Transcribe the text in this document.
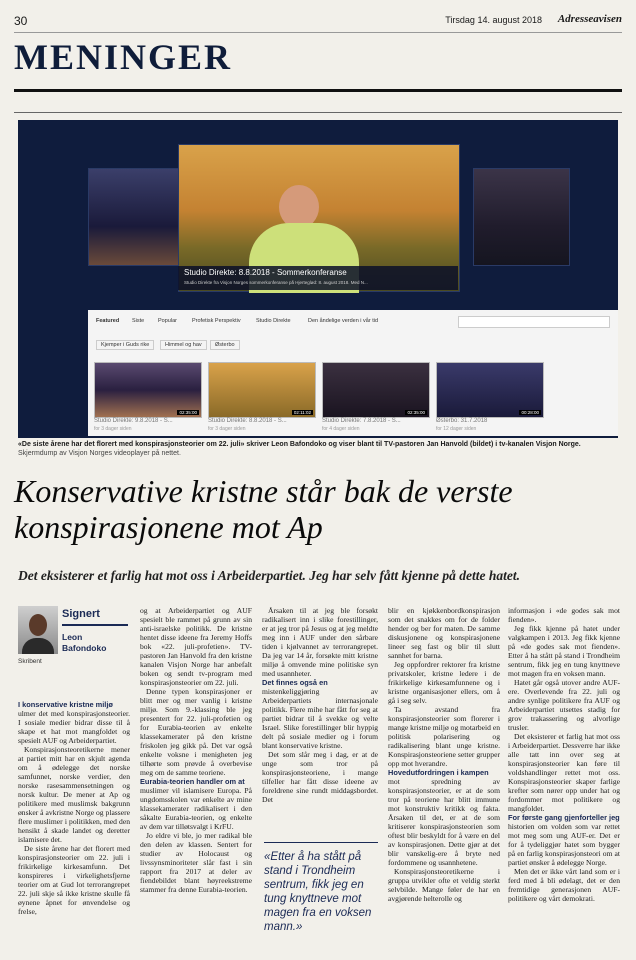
30	Tirsdag 14. august 2018 Adresseavisen
MENINGER
Studio Direkte: 8.8.2018 - Sommerkonferanse
Studio Direkte fra Visjon Norges sommerkonferanse på Hjerteglød: 8. august 2018. Med N...
Featured Siste	Popular	Profetisk Perspektiv	Studio Direkte	Den åndelige verden i vår tid
Kjemper i Guds rike	Himmel og hav	Østerbo
02:35:00	02:11:02	02:35:00	00:28:00
Studio Direkte: 9.8.2018 - S...
for 3 dager siden
Studio Direkte: 8.8.2018 - S...
for 3 dager siden
Studio Direkte: 7.8.2018 - S...
for 4 dager siden
Østerbo: 31.7.2018
for 12 dager siden
«De siste årene har det florert med konspirasjonsteorier om 22. juli» skriver Leon Bafondoko og viser blant til TV-pastoren Jan Hanvold (bildet) i tv-kanalen Visjon Norge.
Skjermdump av Visjon Norges videoplayer på nettet.
Konservative kristne står bak de verste konspirasjonene mot Ap
Det eksisterer et farlig hat mot oss i Arbeiderpartiet. Jeg har selv fått kjenne på dette hatet.
Signert
Leon Bafondoko
Skribent

I konservative kristne miljø

ulmer det med konspirasjonsteorier. I sosiale medier bidrar disse til å skape et hat mot mangfoldet og spesielt AUF og Arbeiderpartiet.

Konspirasjonsteoretikerne mener at partiet mitt har en skjult agenda om å ødelegge det norske samfunnet, norske verdier, den norske rasesammensetningen og norsk kultur. De mener at Ap og politikere med muslimsk bakgrunn ønsker å avkristne Norge og plassere flere muslimer i politikken, med den hensikt å skade landet og deretter islamisere det.

De siste årene har det florert med konspirasjonsteorier om 22. juli i frikirkelige kirkesamfunn. Det konspireres i virkelighetsfjerne teorier om at Gud lot terrorangrepet 22. juli skje så ikke kristne skulle få øynene åpnet for ønvendelse og frelse,

og at Arbeiderpartiet og AUF spesielt ble rammet på grunn av sin anti-israelske politikk. De kristne hentet disse ideene fra Jeremy Hoffs bok «22. juli-profetien». TV-pastoren Jan Hanvold fra den kristne kanalen Visjon Norge har anbefalt boken og sendt tv-program med konspirasjonsteorier om 22. juli.

Denne typen konspirasjoner er blitt mer og mer vanlig i kristne miljø. Som 9.-klassing ble jeg presentert for 22. juli-profetien og for Eurabia-teorien av enkelte klassekamerater på den kristne friskolen jeg gikk på. Det var også enkelte voksne i menigheten jeg tilhørte som prøvde å overbevise meg om de samme teoriene.

Eurabia-teorien handler om at

muslimer vil islamisere Europa. På ungdomsskolen var enkelte av mine klassekamerater radikalisert i den såkalte Eurabia-teorien, og enkelte av dem var tilløtsvalgt i KrFU.

Jo eldre vi ble, jo mer radikal ble den delen av klassen. Sentert for studier av Holocaust og livssynsminoriteter slår fast i sin rapport fra 2017 at deler av fiendebildet blant høyreekstreme stammer fra denne Eurabia-teorien.

Årsaken til at jeg ble forsøkt radikalisert inn i slike forestillinger, er at jeg tror på Jesus og at jeg meldte meg inn i AUF under den sårbare tiden i kjølvannet av terrorangrepet. Da jeg var 14 år, forsøkte mitt kristne miljø å omvende mine politiske syn med usannheter.

Det finnes også en

mistenkeliggjøring av Arbeiderpartiets internasjonale politikk. Flere mihe har fått for seg at partiet bidrar til å svekke og velte Israel. Slike forestillinger blir hyppig delt på sosiale medier og i forum blant konservative kristne.

Det som slår meg i dag, er at de unge som tror på konspirasjonsteoriene, i mange tilfeller har fått disse ideene av foreldrene sine rundt middagsbordet. Det

blir en kjøkkenbordkonspirasjon som det snakkes om for de folder hender og ber for maten. De samme diskusjonene og konspirasjonene lineer seg fast og blir til slutt sannhet for barna.

Jeg oppfordrer rektorer fra kristne privatskoler, kristne ledere i de frikirkelige kirkesamfunnene og i kristne organisasjoner ellers, om å gå i seg selv.

Ta avstand fra konspirasjonsteorier som florerer i mange kristne miljø og motarbeid en politisk polarisering og radikalisering blant unge kristne. Konspirasjonsteoriene setter grupper opp mot hverandre.

Hovedutfordringen i kampen

mot spredning av konspirasjonsteorier, er at de som tror på teoriene har blitt immune mot konstruktiv kritikk og fakta. Årsaken til det, er at de som kritiserer konspirasjonsteorien som oftest blir beskyldt for å være en del av konspirasjonen. Dette gjør at det blir vanskelig-ere å bryte ned fordommene og usannhetene.

Konspirasjonsteoretikerne i gruppa utvikler ofte et veldig sterkt selvbilde. Mange føler de har en avgjørende helterolle og

informasjon i «de godes sak mot fienden».

Jeg fikk kjenne på hatet under valgkampen i 2013. Jeg fikk kjenne på «de godes sak mot fienden». Etter å ha stått på stand i Trondheim sentrum, fikk jeg en tung knyttneve mot magen fra en voksen mann.

Hatet går også utover andre AUF-ere. Overlevende fra 22. juli og andre synlige politikere fra AUF og Arbeiderpartiet utsettes stadig for grov trakassering og alvorlige trusler.

Det eksisterer et farlig hat mot oss i Arbeiderpartiet. Dessverre har ikke alle tatt inn over seg at konspirasjonsteorier kan føre til voldshandlinger rettet mot oss. Konspirasjonsteorier skaper farlige krefter som nører opp under hat og fordommer mot politikere og mangfoldet.

For første gang gjenforteller jeg

historien om volden som var rettet mot meg som ung AUF-er. Det er for å tydeliggjør hatet som bygger på en farlig konspirasjonsteori om at partiet ønsker å ødelegge Norge.

Men det er ikke vårt land som er i ferd med å bli ødelagt, det er den fremtidige generasjonen AUF-politikere og vårt demokrati.

«Etter å ha stått på stand i Trondheim sentrum, fikk jeg en tung knyttneve mot magen fra en voksen mann.»
